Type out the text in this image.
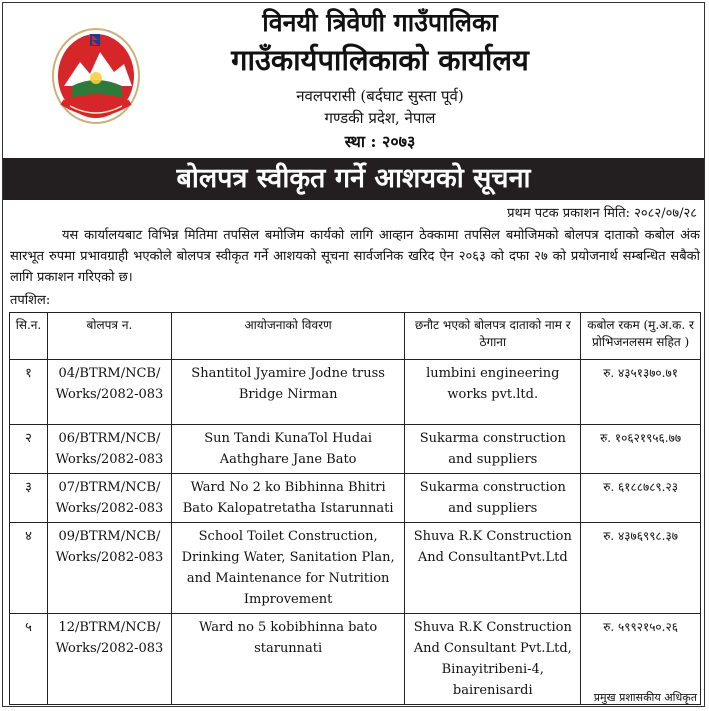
विनयी त्रिवेणी गाउँपालिका
गाउँकार्यपालिकाको कार्यालय
नवलपरासी (बर्दघाट सुस्ता पूर्व)
गण्डकी प्रदेश, नेपाल
स्था : २०७३
बोलपत्र स्वीकृत गर्ने आशयको सूचना
प्रथम पटक प्रकाशन मिति: २०८२/०७/२८
यस कार्यालयबाट विभिन्न मितिमा तपसिल बमोजिम कार्यको लागि आव्हान ठेक्कामा तपसिल बमोजिमको बोलपत्र दाताको कबोल अंक सारभूत रुपमा प्रभावग्राही भएकोले बोलपत्र स्वीकृत गर्ने आशयको सूचना सार्वजनिक खरिद ऐन २०६३ को दफा २७ को प्रयोजनार्थ सम्बन्धित सबैको लागि प्रकाशन गरिएको छ।
तपशिल:
सि.न.	बोलपत्र न.	आयोजनाको विवरण	छनौट भएको बोलपत्र दाताको नाम र ठेगाना	कबोल रकम (मु.अ.क. र प्रोभिजनलसम सहित )
१	04/BTRM/NCB/ Works/2082-083	Shantitol Jyamire Jodne truss Bridge Nirman	lumbini engineering works pvt.ltd.	रु. ४३५१३७०.७१
२	06/BTRM/NCB/ Works/2082-083	Sun Tandi KunaTol Hudai Aathghare Jane Bato	Sukarma construction and suppliers	रु. १०६२१९५६.७७
३	07/BTRM/NCB/ Works/2082-083	Ward No 2 ko Bibhinna Bhitri Bato Kalopatretatha Istarunnati	Sukarma construction and suppliers	रु. ६१८८७८९.२३
४	09/BTRM/NCB/ Works/2082-083	School Toilet Construction, Drinking Water, Sanitation Plan, and Maintenance for Nutrition Improvement	Shuva R.K Construction And ConsultantPvt.Ltd	रु. ४३७६९९८.३७
५	12/BTRM/NCB/ Works/2082-083	Ward no 5 kobibhinna bato starunnati	Shuva R.K Construction And Consultant Pvt.Ltd, Binayitribeni-4, bairenisardi	रु. ५९९२१५०.२६
प्रमुख प्रशासकीय अधिकृत
